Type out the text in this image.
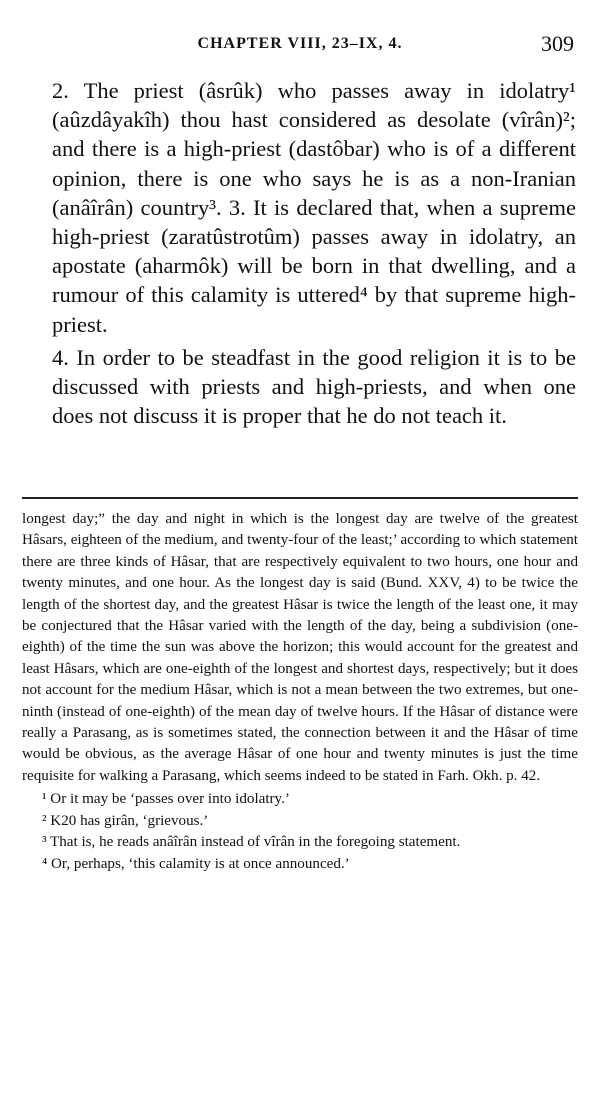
CHAPTER VIII, 23–IX, 4.	309

2. The priest (âsrûk) who passes away in idolatry¹ (aûzdâyakîh) thou hast considered as desolate (vîrân)²; and there is a high-priest (dastôbar) who is of a different opinion, there is one who says he is as a non-Iranian (anâîrân) country³. 3. It is declared that, when a supreme high-priest (zaratûstrotûm) passes away in idolatry, an apostate (aharmôk) will be born in that dwelling, and a rumour of this calamity is uttered⁴ by that supreme high-priest.

4. In order to be steadfast in the good religion it is to be discussed with priests and high-priests, and when one does not discuss it is proper that he do not teach it.

longest day;” the day and night in which is the longest day are twelve of the greatest Hâsars, eighteen of the medium, and twenty-four of the least;’ according to which statement there are three kinds of Hâsar, that are respectively equivalent to two hours, one hour and twenty minutes, and one hour. As the longest day is said (Bund. XXV, 4) to be twice the length of the shortest day, and the greatest Hâsar is twice the length of the least one, it may be conjectured that the Hâsar varied with the length of the day, being a subdivision (one-eighth) of the time the sun was above the horizon; this would account for the greatest and least Hâsars, which are one-eighth of the longest and shortest days, respectively; but it does not account for the medium Hâsar, which is not a mean between the two extremes, but one-ninth (instead of one-eighth) of the mean day of twelve hours. If the Hâsar of distance were really a Parasang, as is sometimes stated, the connection between it and the Hâsar of time would be obvious, as the average Hâsar of one hour and twenty minutes is just the time requisite for walking a Parasang, which seems indeed to be stated in Farh. Okh. p. 42.

¹ Or it may be ‘passes over into idolatry.’

² K20 has girân, ‘grievous.’

³ That is, he reads anâîrân instead of vîrân in the foregoing statement.

⁴ Or, perhaps, ‘this calamity is at once announced.’
